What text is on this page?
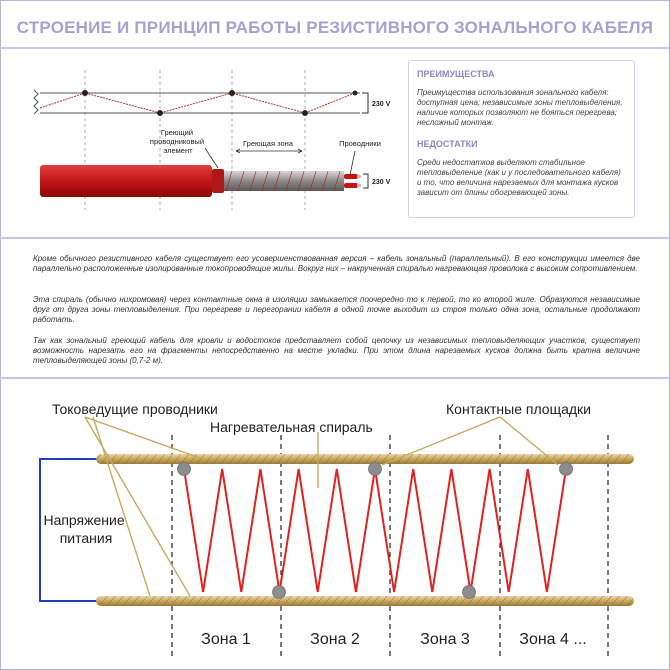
СТРОЕНИЕ И ПРИНЦИП РАБОТЫ РЕЗИСТИВНОГО ЗОНАЛЬНОГО КАБЕЛЯ
230 V
Греющий проводниковый элемент
Греющая зона	Проводники
230 V
ПРЕИМУЩЕСТВА
Преимущества использования зонального кабеля: доступная цена; независимые зоны тепловыделения, наличие которых позволяют не бояться перегрева; несложный монтаж.
НЕДОСТАТКИ
Среди недостатков выделяют стабильное тепловыделение (как и у последовательного кабеля) и то, что величина нарезаемых для монтажа кусков зависит от длины обогревающей зоны.

Кроме обычного резистивного кабеля существует его усовершенствованная версия – кабель зональный (параллельный). В его конструкции имеется две параллельно расположенные изолированные токопроводящие жилы. Вокруг них – накрученная спиралью нагревающая проволока с высоким сопротивлением.

Эта спираль (обычно нихромовая) через контактные окна в изоляции замыкается поочередно то к первой, то ко второй жиле. Образуются независимые друг от друга зоны тепловыделения. При перегреве и перегорании кабеля в одной точке выходит из строя только одна зона, остальные продолжают работать.

Так как зональный греющий кабель для кровли и водостоков представляет собой цепочку из независимых тепловыделяющих участков, существует возможность нарезать его на фрагменты непосредственно на месте укладки. При этом длина нарезаемых кусков должна быть кратна величине тепловыделяющей зоны (0,7-2 м).

Токоведущие проводники
Нагревательная спираль
Контактные площадки
Напряжение питания
Зона 1	Зона 2	Зона 3	Зона 4 ...
